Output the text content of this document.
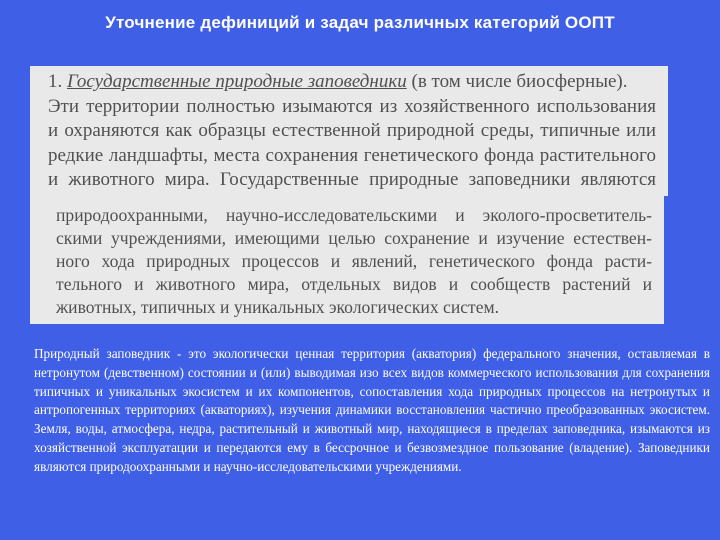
Уточнение дефиниций и задач различных категорий ООПТ
1. Государственные природные заповедники (в том числе биосферные).
Эти территории полностью изымаются из хозяйственного использования
и охраняются как образцы естественной природной среды, типичные или
редкие ландшафты, места сохранения генетического фонда растительного
и животного мира. Государственные природные заповедники являются
природоохранными, научно-исследовательскими и эколого-просветитель-
скими учреждениями, имеющими целью сохранение и изучение естествен-
ного хода природных процессов и явлений, генетического фонда расти-
тельного и животного мира, отдельных видов и сообществ растений и
животных, типичных и уникальных экологических систем.
Природный заповедник - это экологически ценная территория (акватория) федерального значения, оставляемая в нетронутом (девственном) состоянии и (или) выводимая изо всех видов коммерческого использования для сохранения типичных и уникальных экосистем и их компонентов, сопоставления хода природных процессов на нетронутых и антропогенных территориях (акваториях), изучения динамики восстановления частично преобразованных экосистем. Земля, воды, атмосфера, недра, растительный и животный мир, находящиеся в пределах заповедника, изымаются из хозяйственной эксплуатации и передаются ему в бессрочное и безвозмездное пользование (владение). Заповедники являются природоохранными и научно-исследовательскими учреждениями.
